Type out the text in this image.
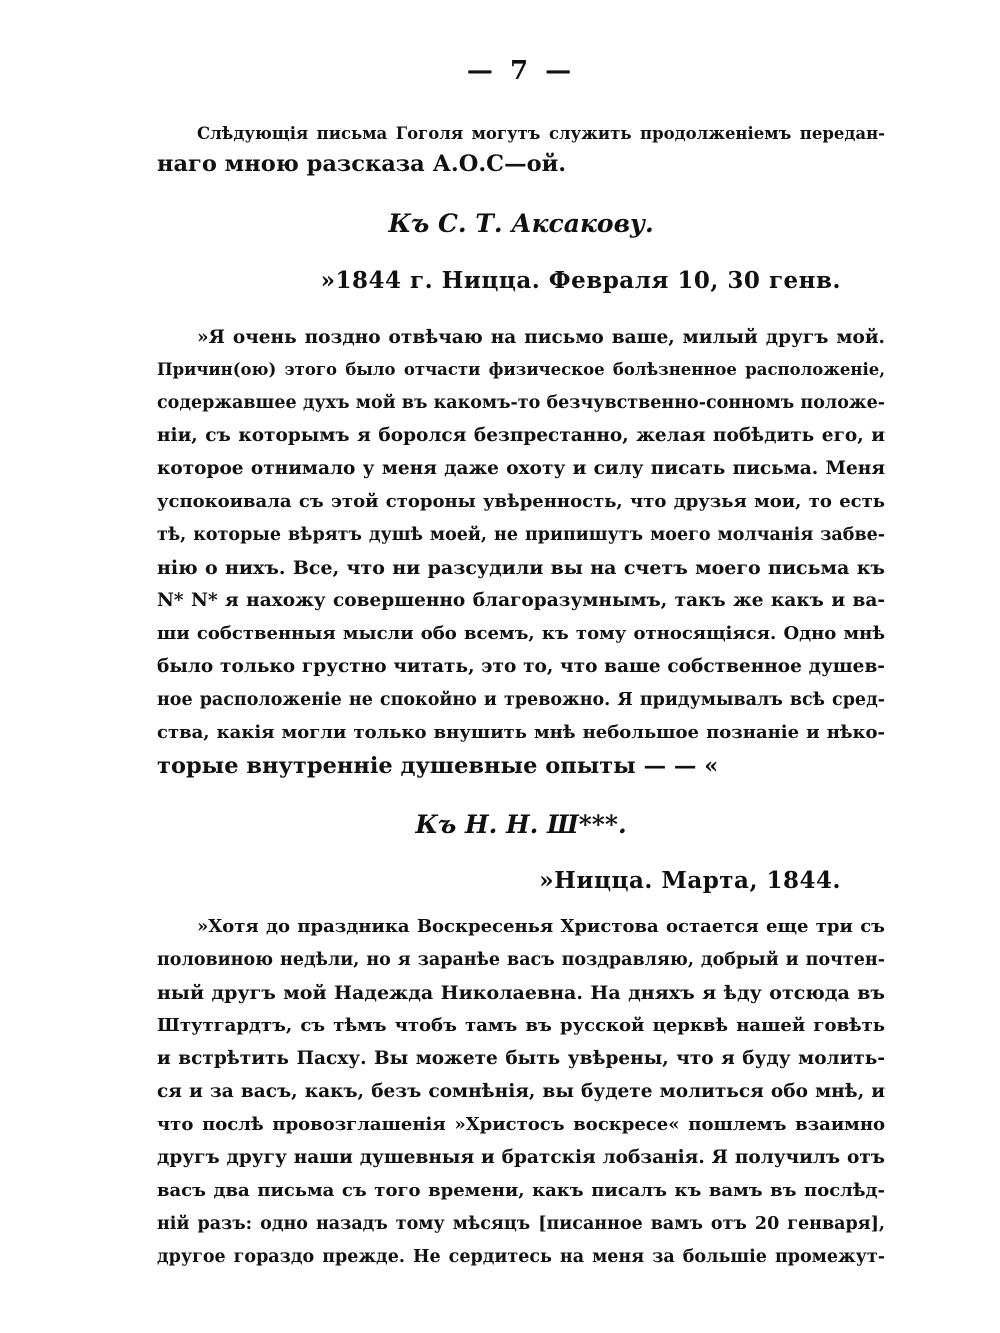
— 7 —
Слѣдующія письма Гоголя могутъ служить продолженіемъ передан-
наго мною разсказа А.О.С—ой.
Къ С. Т. Аксакову.
»1844 г. Ницца. Февраля 10, 30 генв.
»Я очень поздно отвѣчаю на письмо ваше, милый другъ мой.
Причин(ою) этого было отчасти физическое болѣзненное расположеніе,
содержавшее духъ мой въ какомъ-то безчувственно-сонномъ положе-
ніи, съ которымъ я боролся безпрестанно, желая побѣдить его, и
которое отнимало у меня даже охоту и силу писать письма. Меня
успокоивала съ этой стороны увѣренность, что друзья мои, то есть
тѣ, которые вѣрятъ душѣ моей, не припишутъ моего молчанія забве-
нію о нихъ. Все, что ни разсудили вы на счетъ моего письма къ
N* N* я нахожу совершенно благоразумнымъ, такъ же какъ и ва-
ши собственныя мысли обо всемъ, къ тому относящіяся. Одно мнѣ
было только грустно читать, это то, что ваше собственное душев-
ное расположеніе не спокойно и тревожно. Я придумывалъ всѣ сред-
ства, какія могли только внушить мнѣ небольшое познаніе и нѣко-
торые внутренніе душевные опыты — — «
Къ Н. Н. Ш***.
»Ницца. Марта, 1844.
»Хотя до праздника Воскресенья Христова остается еще три съ
половиною недѣли, но я заранѣе васъ поздравляю, добрый и почтен-
ный другъ мой Надежда Николаевна. На дняхъ я ѣду отсюда въ
Штутгардтъ, съ тѣмъ чтобъ тамъ въ русской церквѣ нашей говѣть
и встрѣтить Пасху. Вы можете быть увѣрены, что я буду молить-
ся и за васъ, какъ, безъ сомнѣнія, вы будете молиться обо мнѣ, и
что послѣ провозглашенія »Христосъ воскресе« пошлемъ взаимно
другъ другу наши душевныя и братскія лобзанія. Я получилъ отъ
васъ два письма съ того времени, какъ писалъ къ вамъ въ послѣд-
ній разъ: одно назадъ тому мѣсяцъ [писанное вамъ отъ 20 генваря],
другое гораздо прежде. Не сердитесь на меня за большіе промежут-
